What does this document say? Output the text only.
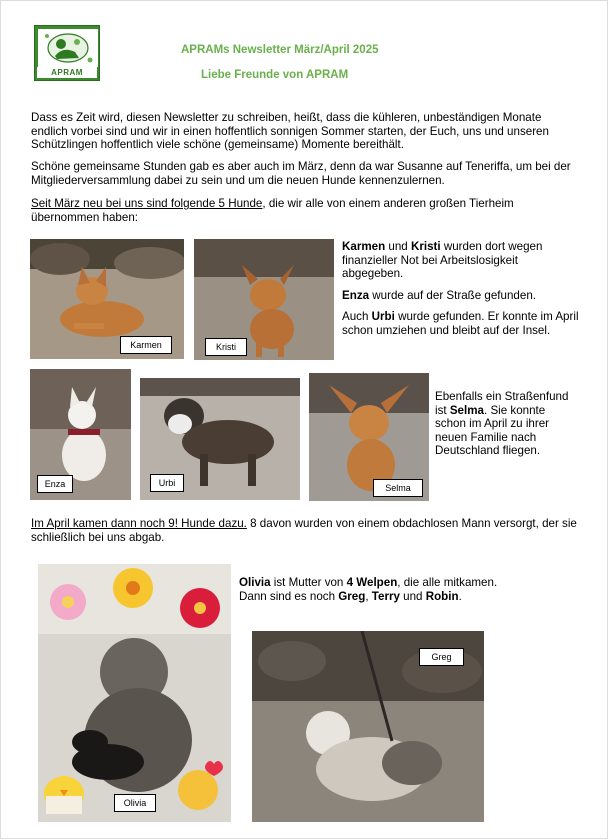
APRAM
APRAMs Newsletter März/April 2025
Liebe Freunde von APRAM
Dass es Zeit wird, diesen Newsletter zu schreiben, heißt, dass die kühleren, unbeständigen Monate endlich vorbei sind und wir in einen hoffentlich sonnigen Sommer starten, der Euch, uns und unseren Schützlingen hoffentlich viele schöne (gemeinsame) Momente bereithält.
Schöne gemeinsame Stunden gab es aber auch im März, denn da war Susanne auf Teneriffa, um bei der Mitgliederversammlung dabei zu sein und um die neuen Hunde kennenzulernen.
Seit März neu bei uns sind folgende 5 Hunde, die wir alle von einem anderen großen Tierheim übernommen haben:
Karmen	Kristi

Karmen und Kristi wurden dort wegen finanzieller Not bei Arbeitslosigkeit abgegeben.

Enza wurde auf der Straße gefunden.

Auch Urbi wurde gefunden. Er konnte im April schon umziehen und bleibt auf der Insel.

Enza	Urbi	Selma

Ebenfalls ein Straßenfund ist Selma. Sie konnte schon im April zu ihrer neuen Familie nach Deutschland fliegen.

Im April kamen dann noch 9! Hunde dazu. 8 davon wurden von einem obdachlosen Mann versorgt, der sie schließlich bei uns abgab.
Olivia
Olivia ist Mutter von 4 Welpen, die alle mitkamen.
Dann sind es noch Greg, Terry und Robin.
Greg
